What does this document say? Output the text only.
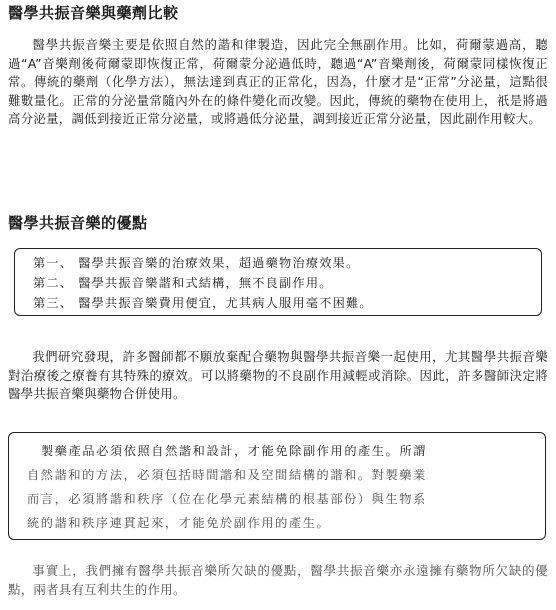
醫學共振音樂與藥劑比較
醫學共振音樂主要是依照自然的諧和律製造，因此完全無副作用。比如，荷爾蒙過高，聽過“A”音樂劑後荷爾蒙即恢復正常，荷爾蒙分泌過低時，聽過“A”音樂劑後，荷爾蒙同樣恢復正常。傳統的藥劑（化學方法），無法達到真正的正常化，因為，什麼才是“正常”分泌量，這點很難數量化。正常的分泌量常隨內外在的條件變化而改變。因此，傳統的藥物在使用上，祇是將過高分泌量，調低到接近正常分泌量，或將過低分泌量，調到接近正常分泌量，因此副作用較大。
醫學共振音樂的優點
第一、 醫學共振音樂的治療效果，超過藥物治療效果。
第二、 醫學共振音樂諧和式結構，無不良副作用。
第三、 醫學共振音樂費用便宜，尤其病人服用毫不困難。
我們研究發現，許多醫師都不願放棄配合藥物與醫學共振音樂一起使用，尤其醫學共振音樂對治療後之療養有其特殊的療效。可以將藥物的不良副作用減輕或消除。因此，許多醫師決定將醫學共振音樂與藥物合併使用。
製藥產品必須依照自然諧和設計，才能免除副作用的產生。所謂
自然諧和的方法，必須包括時間諧和及空間結構的諧和。對製藥業
而言，必須將諧和秩序（位在化學元素結構的根基部份）與生物系
統的諧和秩序連貫起來，才能免於副作用的產生。
事實上，我們擁有醫學共振音樂所欠缺的優點，醫學共振音樂亦永遠擁有藥物所欠缺的優點，兩者具有互利共生的作用。
